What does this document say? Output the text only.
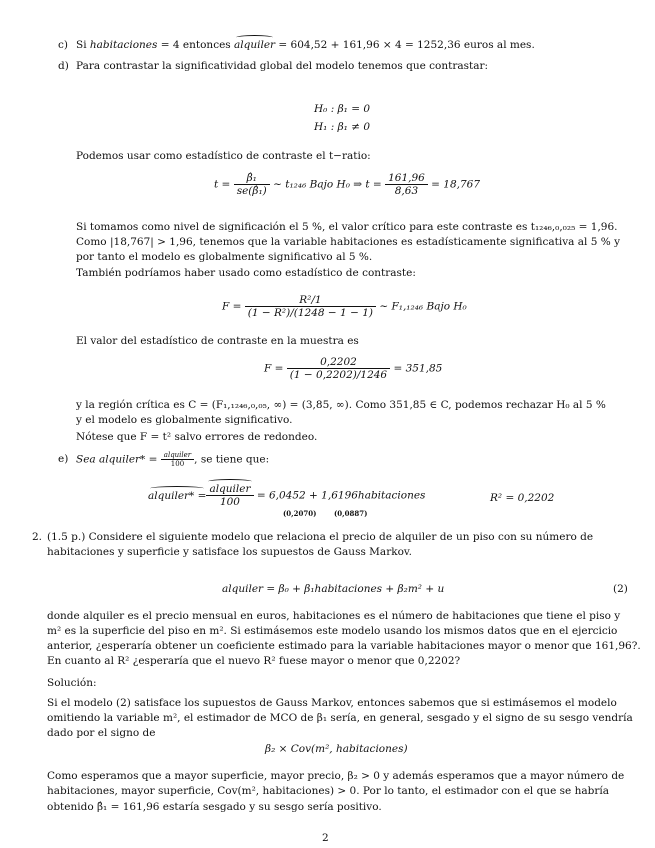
c) Si habitaciones = 4 entonces alquiler = 604,52 + 161,96 × 4 = 1252,36 euros al mes.
d) Para contrastar la significatividad global del modelo tenemos que contrastar:
H₀ : β₁ = 0
H₁ : β₁ ≠ 0
Podemos usar como estadístico de contraste el t−ratio:
$t = \frac{\text{β̂₁}}{\text{se(β̂₁)}}$ ∼ t₁₂₄₆ Bajo H₀ ⇒ $t = \frac{161,96}{8,63} = 18,767$
Si tomamos como nivel de significación el 5 %, el valor crítico para este contraste es t₁₂₄₆,₀,₀₂₅ = 1,96.
Como |18,767| > 1,96, tenemos que la variable habitaciones es estadísticamente significativa al 5 % y
por tanto el modelo es globalmente significativo al 5 %.
También podríamos haber usado como estadístico de contraste:
$F = \frac{\text{R²/1}}{\text{(1 − R²)/(1248 − 1 − 1)}}$ ∼ F₁,₁₂₄₆ Bajo H₀
El valor del estadístico de contraste en la muestra es
$F = \frac{0,2202}{(1 - 0,2202)/1246} = 351,85$
y la región crítica es C = (F₁,₁₂₄₆,₀,₀₅, ∞) = (3,85, ∞). Como 351,85 ∈ C, podemos rechazar H₀ al 5 %
y el modelo es globalmente significativo.
Nótese que F = t² salvo errores de redondeo.
e) Sea alquiler* = $\frac{\text{alquiler}}{100}$ , se tiene que:
alquiler* = $\frac{\text{alquiler}}{100} = 6,0452$ + 1,6196habitaciones
(0,2070)	(0,0887)
R² = 0,2202
2. (1.5 p.) Considere el siguiente modelo que relaciona el precio de alquiler de un piso con su número de
habitaciones y superficie y satisface los supuestos de Gauss Markov.
alquiler = β₀ + β₁habitaciones + β₂m² + u	(2)
donde alquiler es el precio mensual en euros, habitaciones es el número de habitaciones que tiene el piso y
m² es la superficie del piso en m². Si estimásemos este modelo usando los mismos datos que en el ejercicio
anterior, ¿esperaría obtener un coeficiente estimado para la variable habitaciones mayor o menor que 161,96?.
En cuanto al R² ¿esperaría que el nuevo R² fuese mayor o menor que 0,2202?
Solución:
Si el modelo (2) satisface los supuestos de Gauss Markov, entonces sabemos que si estimásemos el modelo
omitiendo la variable m², el estimador de MCO de β₁ sería, en general, sesgado y el signo de su sesgo vendría
dado por el signo de
β₂ × Cov(m², habitaciones)
Como esperamos que a mayor superficie, mayor precio, β₂ > 0 y además esperamos que a mayor número de
habitaciones, mayor superficie, Cov(m², habitaciones) > 0. Por lo tanto, el estimador con el que se habría
obtenido β̂₁ = 161,96 estaría sesgado y su sesgo sería positivo.
2
